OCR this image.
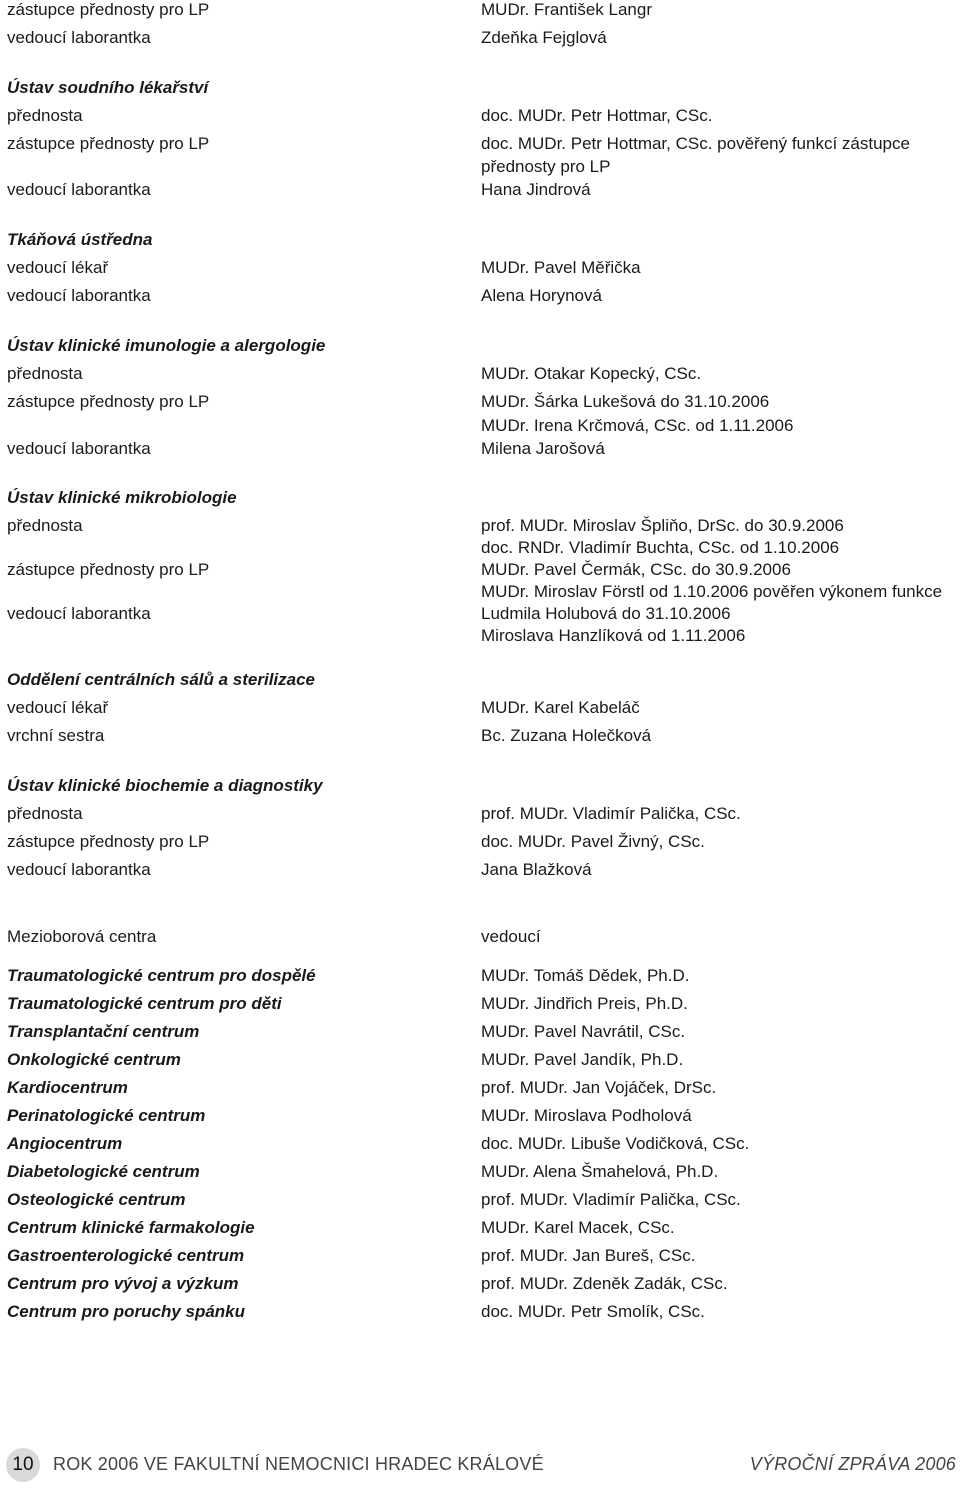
zástupce přednosty pro LP	MUDr. František Langr
vedoucí laborantka	Zdeňka Fejglová
Ústav soudního lékařství
přednosta	doc. MUDr. Petr Hottmar, CSc.
zástupce přednosty pro LP	doc. MUDr. Petr Hottmar, CSc. pověřený funkcí zástupce
přednosty pro LP
vedoucí laborantka	Hana Jindrová
Tkáňová ústředna
vedoucí lékař	MUDr. Pavel Měřička
vedoucí laborantka	Alena Horynová
Ústav klinické imunologie a alergologie
přednosta	MUDr. Otakar Kopecký, CSc.
zástupce přednosty pro LP	MUDr. Šárka Lukešová do 31.10.2006
MUDr. Irena Krčmová, CSc. od 1.11.2006
vedoucí laborantka	Milena Jarošová
Ústav klinické mikrobiologie
přednosta	prof. MUDr. Miroslav Špliňo, DrSc. do 30.9.2006
doc. RNDr. Vladimír Buchta, CSc. od 1.10.2006
zástupce přednosty pro LP	MUDr. Pavel Čermák, CSc. do 30.9.2006
MUDr. Miroslav Förstl od 1.10.2006 pověřen výkonem funkce
vedoucí laborantka	Ludmila Holubová do 31.10.2006
Miroslava Hanzlíková od 1.11.2006
Oddělení centrálních sálů a sterilizace
vedoucí lékař	MUDr. Karel Kabeláč
vrchní sestra	Bc. Zuzana Holečková
Ústav klinické biochemie a diagnostiky
přednosta	prof. MUDr. Vladimír Palička, CSc.
zástupce přednosty pro LP	doc. MUDr. Pavel Živný, CSc.
vedoucí laborantka	Jana Blažková
Mezioborová centra	vedoucí
Traumatologické centrum pro dospělé	MUDr. Tomáš Dědek, Ph.D.
Traumatologické centrum pro děti	MUDr. Jindřich Preis, Ph.D.
Transplantační centrum	MUDr. Pavel Navrátil, CSc.
Onkologické centrum	MUDr. Pavel Jandík, Ph.D.
Kardiocentrum	prof. MUDr. Jan Vojáček, DrSc.
Perinatologické centrum	MUDr. Miroslava Podholová
Angiocentrum	doc. MUDr. Libuše Vodičková, CSc.
Diabetologické centrum	MUDr. Alena Šmahelová, Ph.D.
Osteologické centrum	prof. MUDr. Vladimír Palička, CSc.
Centrum klinické farmakologie	MUDr. Karel Macek, CSc.
Gastroenterologické centrum	prof. MUDr. Jan Bureš, CSc.
Centrum pro vývoj a výzkum	prof. MUDr. Zdeněk Zadák, CSc.
Centrum pro poruchy spánku	doc. MUDr. Petr Smolík, CSc.
10	ROK 2006 VE FAKULTNÍ NEMOCNICI HRADEC KRÁLOVÉ	VÝROČNÍ ZPRÁVA 2006
